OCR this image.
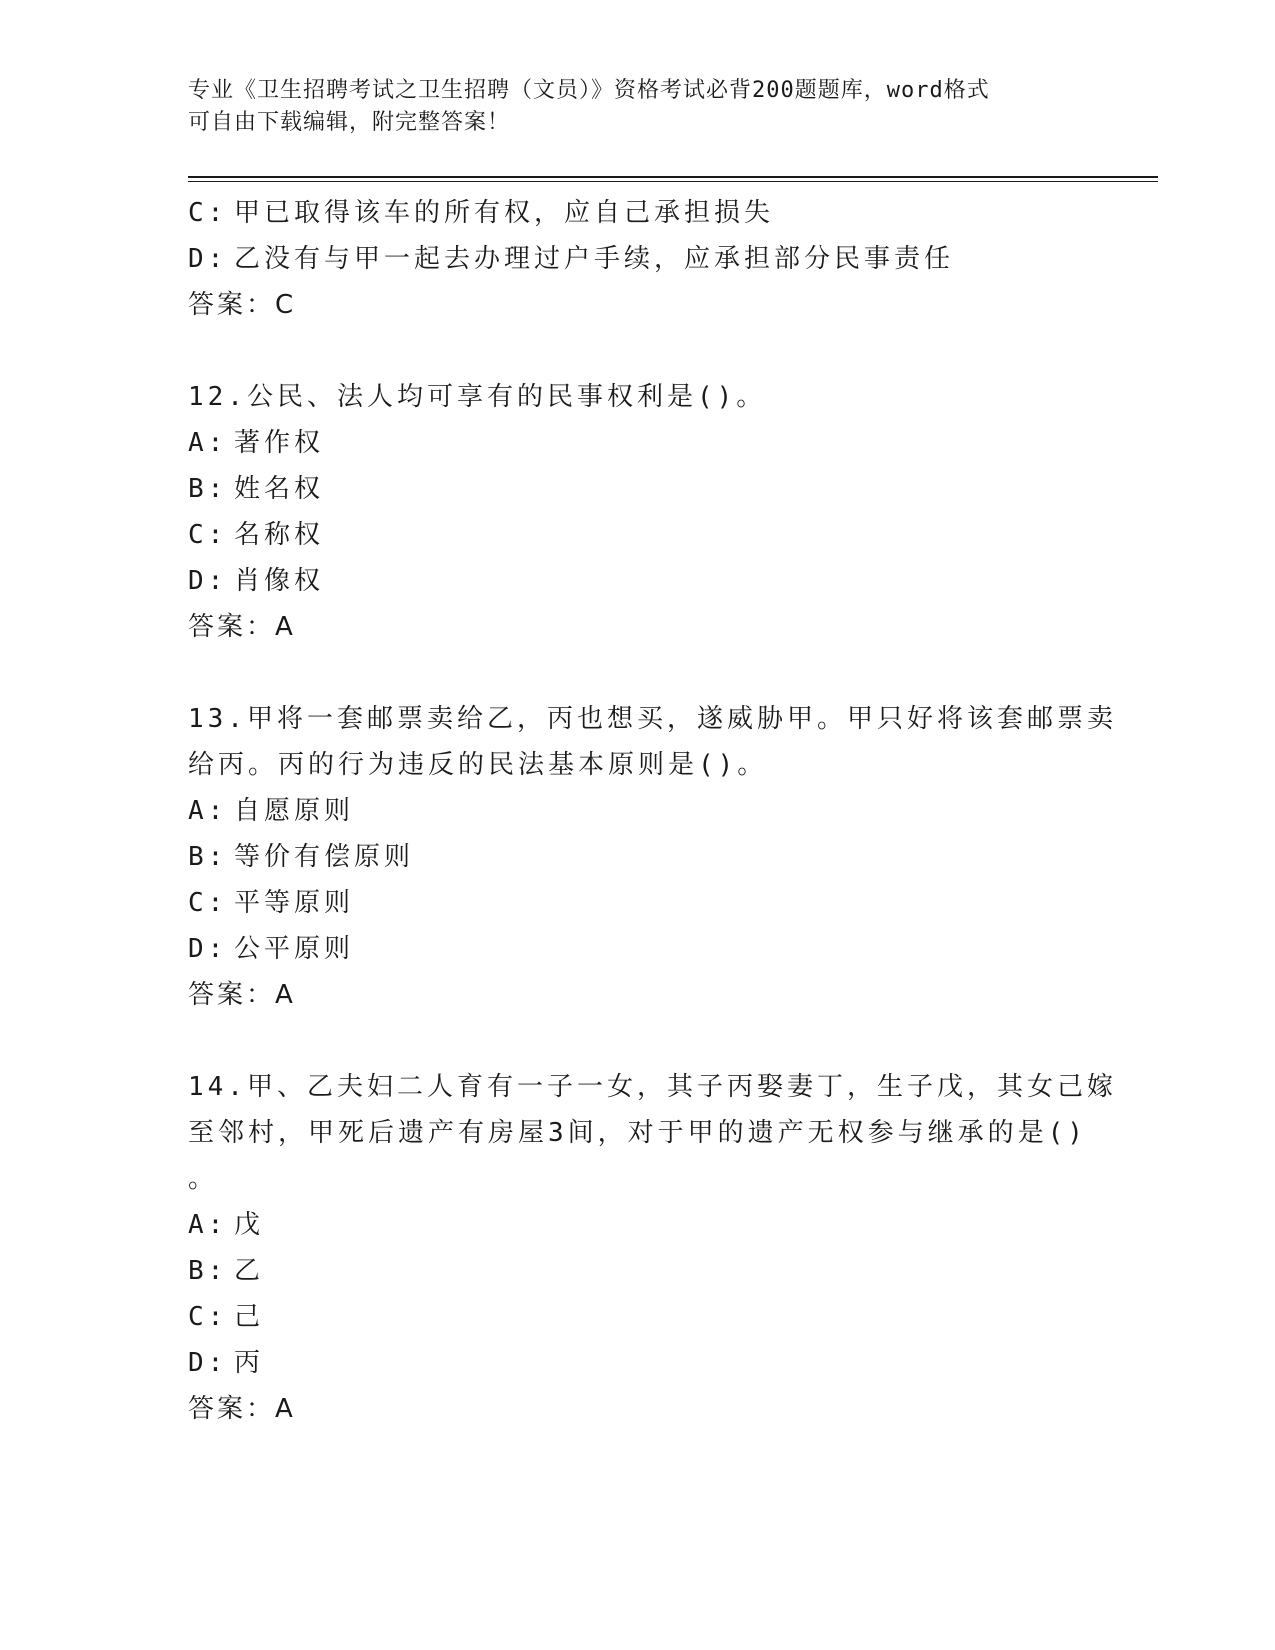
专业《卫生招聘考试之卫生招聘（文员）》资格考试必背200题题库，word格式
可自由下载编辑，附完整答案！
C: 甲已取得该车的所有权，应自己承担损失
D: 乙没有与甲一起去办理过户手续，应承担部分民事责任
答案：C
12.公民、法人均可享有的民事权利是()。
A: 著作权
B: 姓名权
C: 名称权
D: 肖像权
答案：A
13.甲将一套邮票卖给乙，丙也想买，遂威胁甲。甲只好将该套邮票卖
给丙。丙的行为违反的民法基本原则是()。
A: 自愿原则
B: 等价有偿原则
C: 平等原则
D: 公平原则
答案：A
14.甲、乙夫妇二人育有一子一女，其子丙娶妻丁，生子戊，其女己嫁
至邻村，甲死后遗产有房屋3间，对于甲的遗产无权参与继承的是()
。
A: 戊
B: 乙
C: 己
D: 丙
答案：A
